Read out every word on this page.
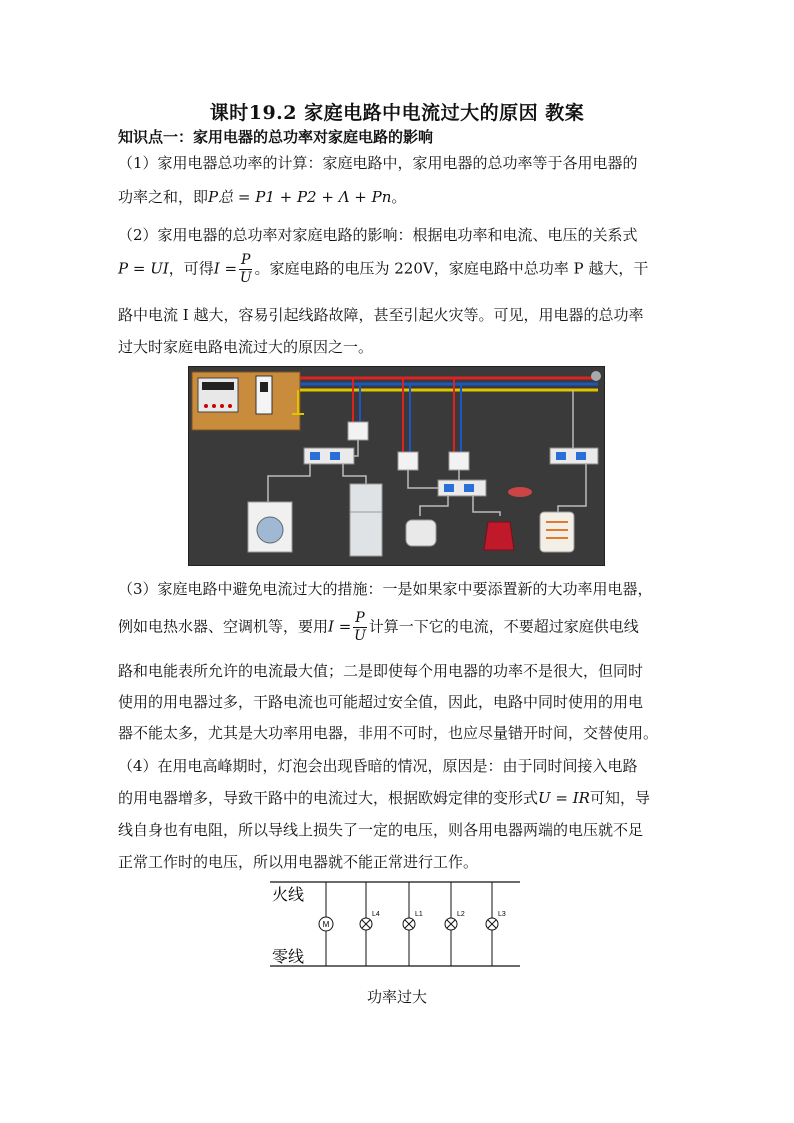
课时19.2 家庭电路中电流过大的原因 教案
知识点一：家用电器的总功率对家庭电路的影响
（1）家用电器总功率的计算：家庭电路中，家用电器的总功率等于各用电器的
功率之和，即P总 = P1 + P2 + Λ + Pn。
（2）家用电器的总功率对家庭电路的影响：根据电功率和电流、电压的关系式
P = UI，可得$I = \frac{P}{U}$ 。家庭电路的电压为 220V，家庭电路中总功率 P 越大，干
路中电流 I 越大，容易引起线路故障，甚至引起火灾等。可见，用电器的总功率
过大时家庭电路电流过大的原因之一。
（3）家庭电路中避免电流过大的措施：一是如果家中要添置新的大功率用电器，
例如电热水器、空调机等，要用$I = \frac{P}{U}$ 计算一下它的电流，不要超过家庭供电线
路和电能表所允许的电流最大值；二是即使每个用电器的功率不是很大，但同时
使用的用电器过多，干路电流也可能超过安全值，因此，电路中同时使用的用电
器不能太多，尤其是大功率用电器，非用不可时，也应尽量错开时间，交替使用。
（4）在用电高峰期时，灯泡会出现昏暗的情况，原因是：由于同时间接入电路
的用电器增多，导致干路中的电流过大，根据欧姆定律的变形式U = IR可知，导
线自身也有电阻，所以导线上损失了一定的电压，则各用电器两端的电压就不足
正常工作时的电压，所以用电器就不能正常进行工作。
火线
零线
M
L4	L1	L2	L3
功率过大
